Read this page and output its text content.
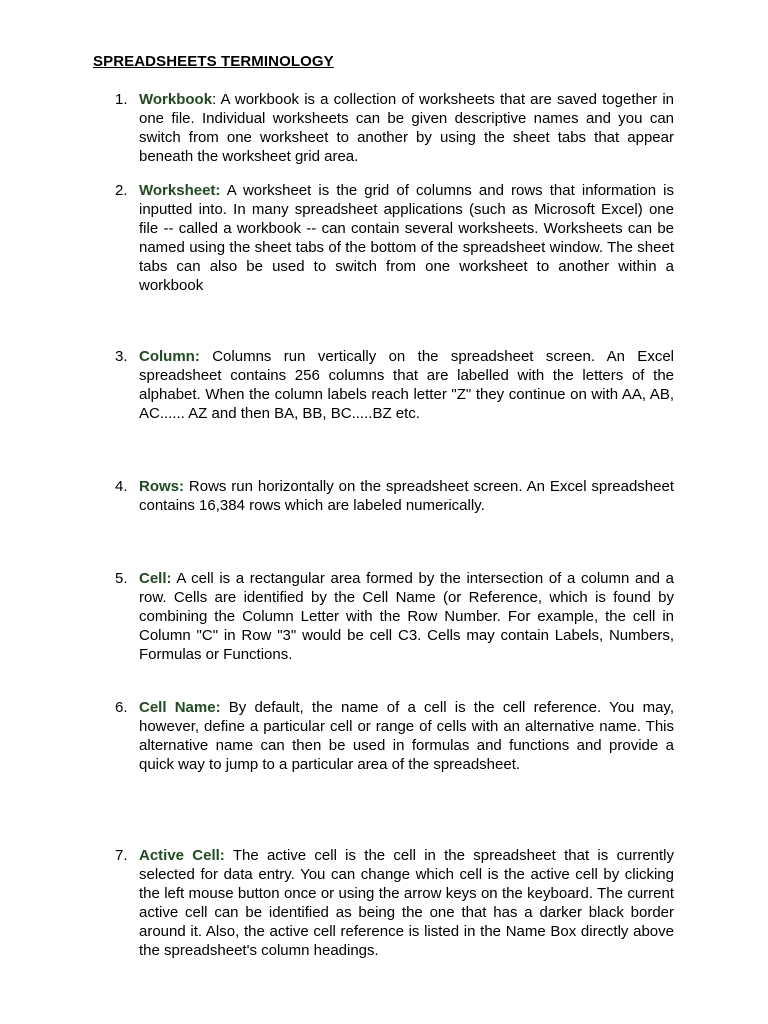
SPREADSHEETS TERMINOLOGY
1. Workbook: A workbook is a collection of worksheets that are saved together in one file. Individual worksheets can be given descriptive names and you can switch from one worksheet to another by using the sheet tabs that appear beneath the worksheet grid area.
2. Worksheet: A worksheet is the grid of columns and rows that information is inputted into. In many spreadsheet applications (such as Microsoft Excel) one file -- called a workbook -- can contain several worksheets. Worksheets can be named using the sheet tabs of the bottom of the spreadsheet window. The sheet tabs can also be used to switch from one worksheet to another within a workbook
3. Column: Columns run vertically on the spreadsheet screen. An Excel spreadsheet contains 256 columns that are labelled with the letters of the alphabet. When the column labels reach letter "Z" they continue on with AA, AB, AC...... AZ and then BA, BB, BC.....BZ etc.
4. Rows: Rows run horizontally on the spreadsheet screen. An Excel spreadsheet contains 16,384 rows which are labeled numerically.
5. Cell: A cell is a rectangular area formed by the intersection of a column and a row. Cells are identified by the Cell Name (or Reference, which is found by combining the Column Letter with the Row Number. For example, the cell in Column "C" in Row "3" would be cell C3. Cells may contain Labels, Numbers, Formulas or Functions.
6. Cell Name: By default, the name of a cell is the cell reference. You may, however, define a particular cell or range of cells with an alternative name. This alternative name can then be used in formulas and functions and provide a quick way to jump to a particular area of the spreadsheet.
7. Active Cell: The active cell is the cell in the spreadsheet that is currently selected for data entry. You can change which cell is the active cell by clicking the left mouse button once or using the arrow keys on the keyboard. The current active cell can be identified as being the one that has a darker black border around it. Also, the active cell reference is listed in the Name Box directly above the spreadsheet's column headings.
